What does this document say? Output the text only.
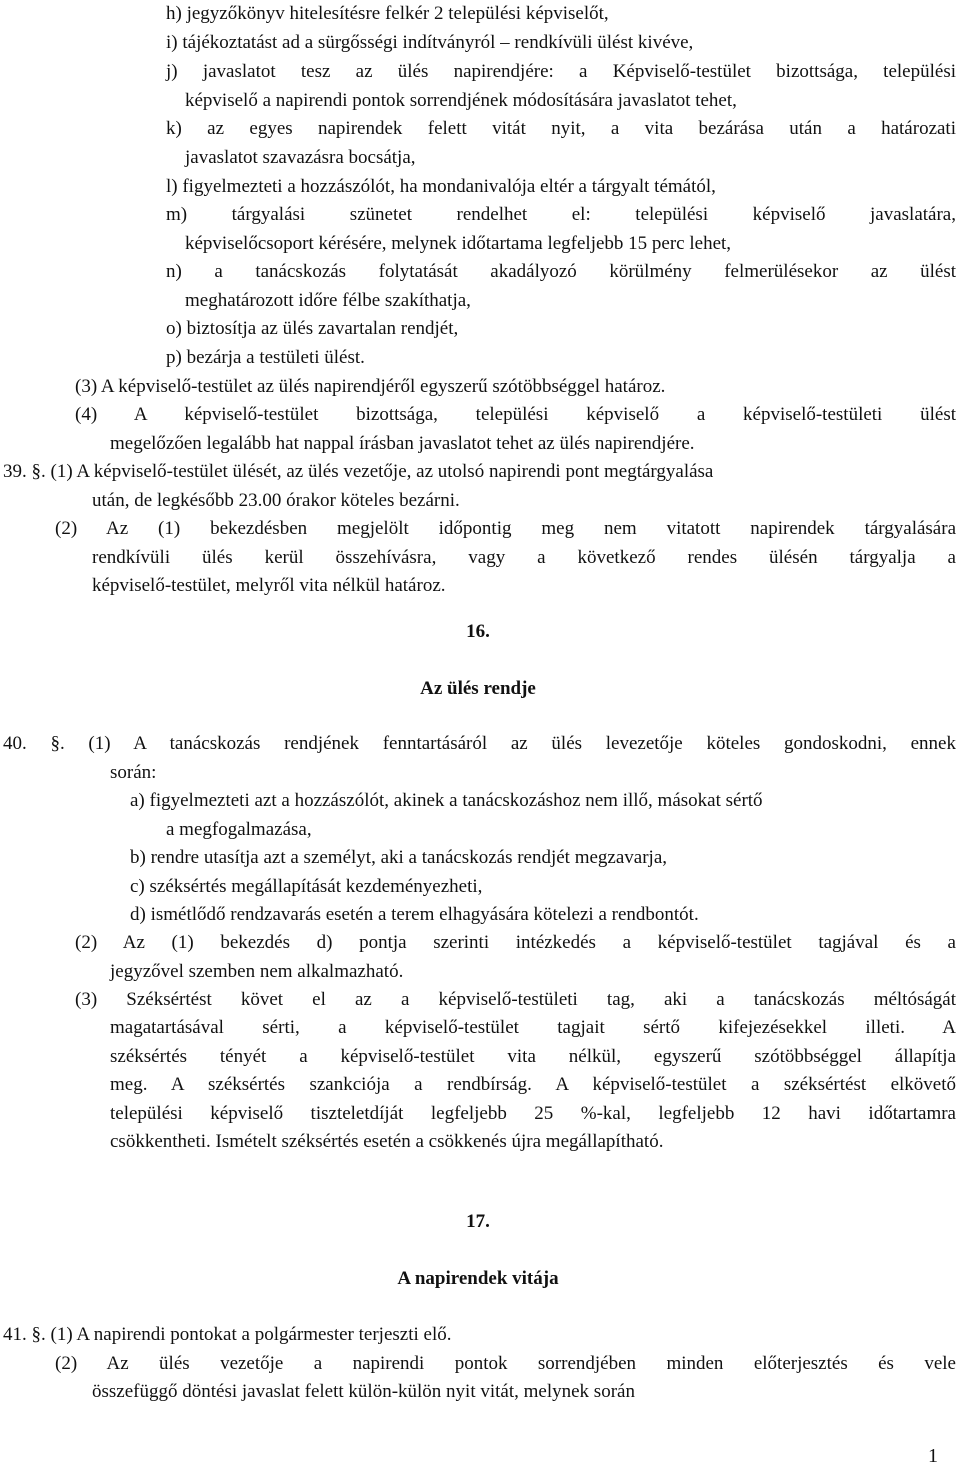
h) jegyzőkönyv hitelesítésre felkér 2 települési képviselőt,
i) tájékoztatást ad a sürgősségi indítványról – rendkívüli ülést kivéve,
j) javaslatot tesz az ülés napirendjére: a Képviselő-testület bizottsága, települési
képviselő a napirendi pontok sorrendjének módosítására javaslatot tehet,
k) az egyes napirendek felett vitát nyit, a vita bezárása után a határozati
javaslatot szavazásra bocsátja,
l) figyelmezteti a hozzászólót, ha mondanivalója eltér a tárgyalt témától,
m) tárgyalási szünetet rendelhet el: települési képviselő javaslatára,
képviselőcsoport kérésére, melynek időtartama legfeljebb 15 perc lehet,
n) a tanácskozás folytatását akadályozó körülmény felmerülésekor az ülést
meghatározott időre félbe szakíthatja,
o) biztosítja az ülés zavartalan rendjét,
p) bezárja a testületi ülést.
(3) A képviselő-testület az ülés napirendjéről egyszerű szótöbbséggel határoz.
(4) A képviselő-testület bizottsága, települési képviselő a képviselő-testületi ülést
megelőzően legalább hat nappal írásban javaslatot tehet az ülés napirendjére.
39. §. (1) A képviselő-testület ülését, az ülés vezetője, az utolsó napirendi pont megtárgyalása
után, de legkésőbb 23.00 órakor köteles bezárni.
(2) Az (1) bekezdésben megjelölt időpontig meg nem vitatott napirendek tárgyalására
rendkívüli ülés kerül összehívásra, vagy a következő rendes ülésén tárgyalja a
képviselő-testület, melyről vita nélkül határoz.
16.
Az ülés rendje
40. §. (1) A tanácskozás rendjének fenntartásáról az ülés levezetője köteles gondoskodni, ennek
során:
a) figyelmezteti azt a hozzászólót, akinek a tanácskozáshoz nem illő, másokat sértő
a megfogalmazása,
b) rendre utasítja azt a személyt, aki a tanácskozás rendjét megzavarja,
c) széksértés megállapítását kezdeményezheti,
d) ismétlődő rendzavarás esetén a terem elhagyására kötelezi a rendbontót.
(2) Az (1) bekezdés d) pontja szerinti intézkedés a képviselő-testület tagjával és a
jegyzővel szemben nem alkalmazható.
(3) Széksértést követ el az a képviselő-testületi tag, aki a tanácskozás méltóságát
magatartásával sérti, a képviselő-testület tagjait sértő kifejezésekkel illeti. A
széksértés tényét a képviselő-testület vita nélkül, egyszerű szótöbbséggel állapítja
meg. A széksértés szankciója a rendbírság. A képviselő-testület a széksértést elkövető
települési képviselő tiszteletdíját legfeljebb 25 %-kal, legfeljebb 12 havi időtartamra
csökkentheti. Ismételt széksértés esetén a csökkenés újra megállapítható.
17.
A napirendek vitája
41. §. (1) A napirendi pontokat a polgármester terjeszti elő.
(2) Az ülés vezetője a napirendi pontok sorrendjében minden előterjesztés és vele
összefüggő döntési javaslat felett külön-külön nyit vitát, melynek során
1
